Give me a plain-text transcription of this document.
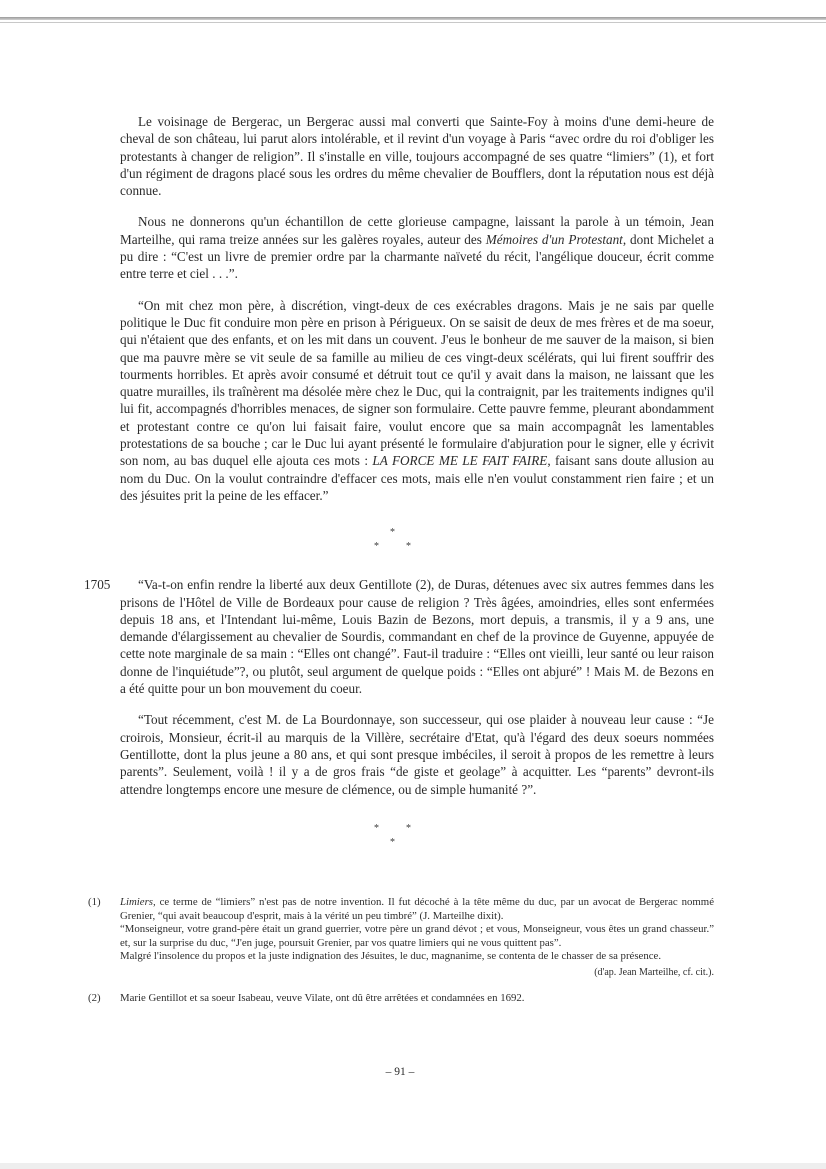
Le voisinage de Bergerac, un Bergerac aussi mal converti que Sainte-Foy à moins d'une demi-heure de cheval de son château, lui parut alors intolérable, et il revint d'un voyage à Paris “avec ordre du roi d'obliger les protestants à changer de religion”. Il s'installe en ville, toujours accompagné de ses quatre “limiers” (1), et fort d'un régiment de dragons placé sous les ordres du même chevalier de Boufflers, dont la réputation nous est déjà connue.

Nous ne donnerons qu'un échantillon de cette glorieuse campagne, laissant la parole à un témoin, Jean Marteilhe, qui rama treize années sur les galères royales, auteur des Mémoires d'un Protestant, dont Michelet a pu dire : “C'est un livre de premier ordre par la charmante naïveté du récit, l'angélique douceur, écrit comme entre terre et ciel . . .”.

“On mit chez mon père, à discrétion, vingt-deux de ces exécrables dragons. Mais je ne sais par quelle politique le Duc fit conduire mon père en prison à Périgueux. On se saisit de deux de mes frères et de ma soeur, qui n'étaient que des enfants, et on les mit dans un couvent. J'eus le bonheur de me sauver de la maison, si bien que ma pauvre mère se vit seule de sa famille au milieu de ces vingt-deux scélérats, qui lui firent souffrir des tourments horribles. Et après avoir consumé et détruit tout ce qu'il y avait dans la maison, ne laissant que les quatre murailles, ils traînèrent ma désolée mère chez le Duc, qui la contraignit, par les traitements indignes qu'il lui fit, accompagnés d'horribles menaces, de signer son formulaire. Cette pauvre femme, pleurant abondamment et protestant contre ce qu'on lui faisait faire, voulut encore que sa main accompagnât les lamentables protestations de sa bouche ; car le Duc lui ayant présenté le formulaire d'abjuration pour le signer, elle y écrivit son nom, au bas duquel elle ajouta ces mots : LA FORCE ME LE FAIT FAIRE, faisant sans doute allusion au nom du Duc. On la voulut contraindre d'effacer ces mots, mais elle n'en voulut constamment rien faire ; et un des jésuites prit la peine de les effacer.”

*
*	*
1705	“Va-t-on enfin rendre la liberté aux deux Gentillote (2), de Duras, détenues avec six autres femmes dans les prisons de l'Hôtel de Ville de Bordeaux pour cause de religion ? Très âgées, amoindries, elles sont enfermées depuis 18 ans, et l'Intendant lui-même, Louis Bazin de Bezons, mort depuis, a transmis, il y a 9 ans, une demande d'élargissement au chevalier de Sourdis, commandant en chef de la province de Guyenne, appuyée de cette note marginale de sa main : “Elles ont changé”. Faut-il traduire : “Elles ont vieilli, leur santé ou leur raison donne de l'inquiétude”?, ou plutôt, seul argument de quelque poids : “Elles ont abjuré” ! Mais M. de Bezons en a été quitte pour un bon mouvement du coeur.

“Tout récemment, c'est M. de La Bourdonnaye, son successeur, qui ose plaider à nouveau leur cause : “Je croirois, Monsieur, écrit-il au marquis de la Villère, secrétaire d'Etat, qu'à l'égard des deux soeurs nommées Gentillotte, dont la plus jeune a 80 ans, et qui sont presque imbéciles, il seroit à propos de les remettre à leurs parents”. Seulement, voilà ! il y a de gros frais “de giste et geolage” à acquitter. Les “parents” devront-ils attendre longtemps encore une mesure de clémence, ou de simple humanité ?”.

*	*
*
(1)	Limiers, ce terme de “limiers” n'est pas de notre invention. Il fut décoché à la tête même du duc, par un avocat de Bergerac nommé Grenier, “qui avait beaucoup d'esprit, mais à la vérité un peu timbré” (J. Marteilhe dixit).

“Monseigneur, votre grand-père était un grand guerrier, votre père un grand dévot ; et vous, Monseigneur, vous êtes un grand chasseur.” et, sur la surprise du duc, “J'en juge, poursuit Grenier, par vos quatre limiers qui ne vous quittent pas”.

Malgré l'insolence du propos et la juste indignation des Jésuites, le duc, magnanime, se contenta de le chasser de sa présence.

(d'ap. Jean Marteilhe, cf. cit.).

(2)	Marie Gentillot et sa soeur Isabeau, veuve Vilate, ont dû être arrêtées et condamnées en 1692.

– 91 –
